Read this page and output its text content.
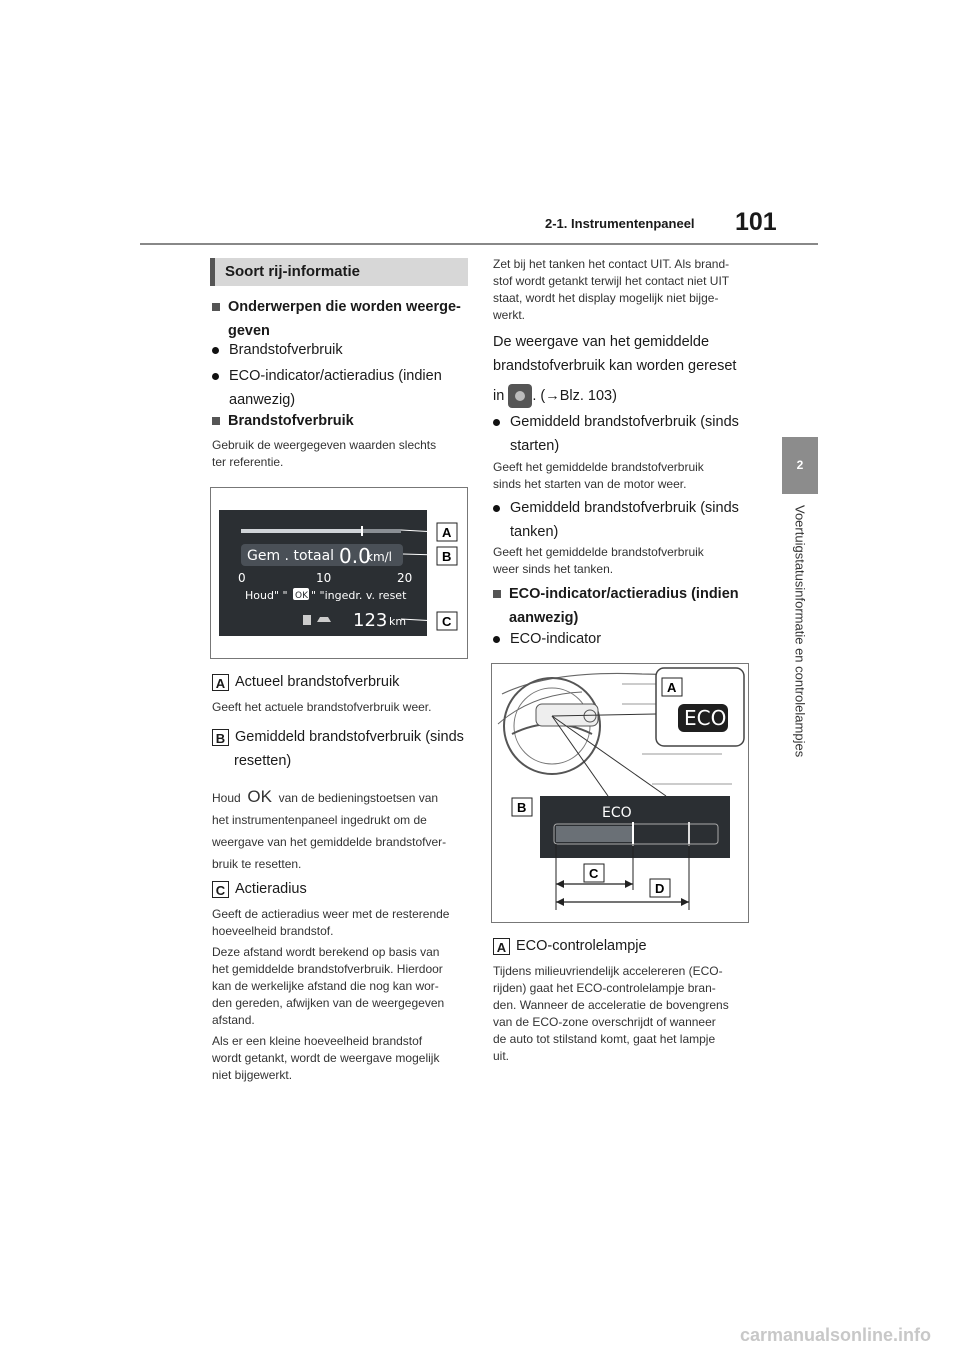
2-1. Instrumentenpaneel 101
2
Voertuigstatusinformatie en controlelampjes
Soort rij-informatie
Onderwerpen die worden weerge-
geven
Brandstofverbruik
ECO-indicator/actieradius (indien
aanwezig)
Brandstofverbruik
Gebruik de weergegeven waarden slechts
ter referentie.
Gem . totaal 0.0
km/l
0	10	20
Houd" " OK " "ingedr. v. reset
123 km
A
B
C
A Actueel brandstofverbruik
Geeft het actuele brandstofverbruik weer.
B Gemiddeld brandstofverbruik (sinds
resetten)
Houd OK van de bedieningstoetsen van
het instrumentenpaneel ingedrukt om de
weergave van het gemiddelde brandstofver-
bruik te resetten.
C Actieradius
Geeft de actieradius weer met de resterende
hoeveelheid brandstof.
Deze afstand wordt berekend op basis van
het gemiddelde brandstofverbruik. Hierdoor
kan de werkelijke afstand die nog kan wor-
den gereden, afwijken van de weergegeven
afstand.
Als er een kleine hoeveelheid brandstof
wordt getankt, wordt de weergave mogelijk
niet bijgewerkt.
Zet bij het tanken het contact UIT. Als brand-
stof wordt getankt terwijl het contact niet UIT
staat, wordt het display mogelijk niet bijge-
werkt.
De weergave van het gemiddelde
brandstofverbruik kan worden gereset
in . (→Blz. 103)
Gemiddeld brandstofverbruik (sinds
starten)
Geeft het gemiddelde brandstofverbruik
sinds het starten van de motor weer.
Gemiddeld brandstofverbruik (sinds
tanken)
Geeft het gemiddelde brandstofverbruik
weer sinds het tanken.
ECO-indicator/actieradius (indien
aanwezig)
ECO-indicator
ECO
A
ECO
B
C
D
A ECO-controlelampje
Tijdens milieuvriendelijk accelereren (ECO-
rijden) gaat het ECO-controlelampje bran-
den. Wanneer de acceleratie de bovengrens
van de ECO-zone overschrijdt of wanneer
de auto tot stilstand komt, gaat het lampje
uit.
carmanualsonline.info
